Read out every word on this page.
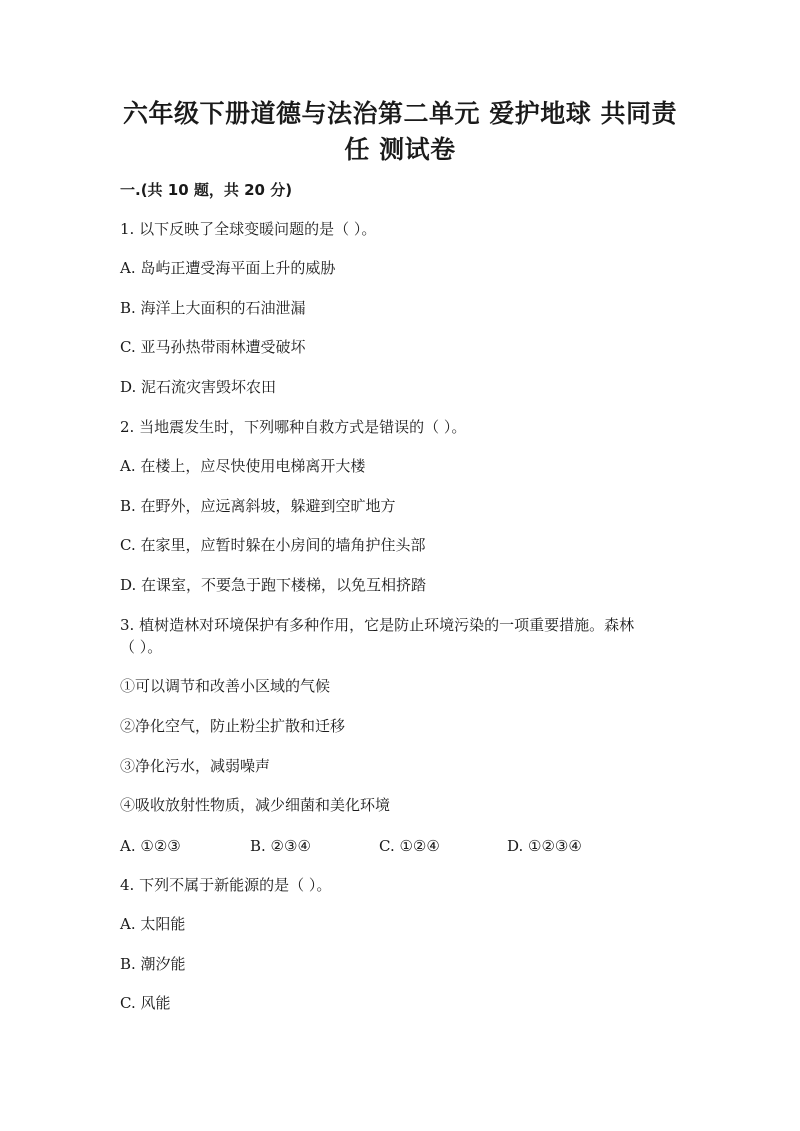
六年级下册道德与法治第二单元 爱护地球 共同责
任 测试卷
一.(共 10 题，共 20 分)
1. 以下反映了全球变暖问题的是（ ）。
A. 岛屿正遭受海平面上升的威胁
B. 海洋上大面积的石油泄漏
C. 亚马孙热带雨林遭受破坏
D. 泥石流灾害毁坏农田
2. 当地震发生时，下列哪种自救方式是错误的（ ）。
A. 在楼上，应尽快使用电梯离开大楼
B. 在野外，应远离斜坡，躲避到空旷地方
C. 在家里，应暂时躲在小房间的墙角护住头部
D. 在课室，不要急于跑下楼梯，以免互相挤踏
3. 植树造林对环境保护有多种作用，它是防止环境污染的一项重要措施。森林
（ ）。
①可以调节和改善小区域的气候
②净化空气，防止粉尘扩散和迁移
③净化污水，减弱噪声
④吸收放射性物质，减少细菌和美化环境
A. ①②③	B. ②③④	C. ①②④	D. ①②③④
4. 下列不属于新能源的是（ ）。
A. 太阳能
B. 潮汐能
C. 风能
